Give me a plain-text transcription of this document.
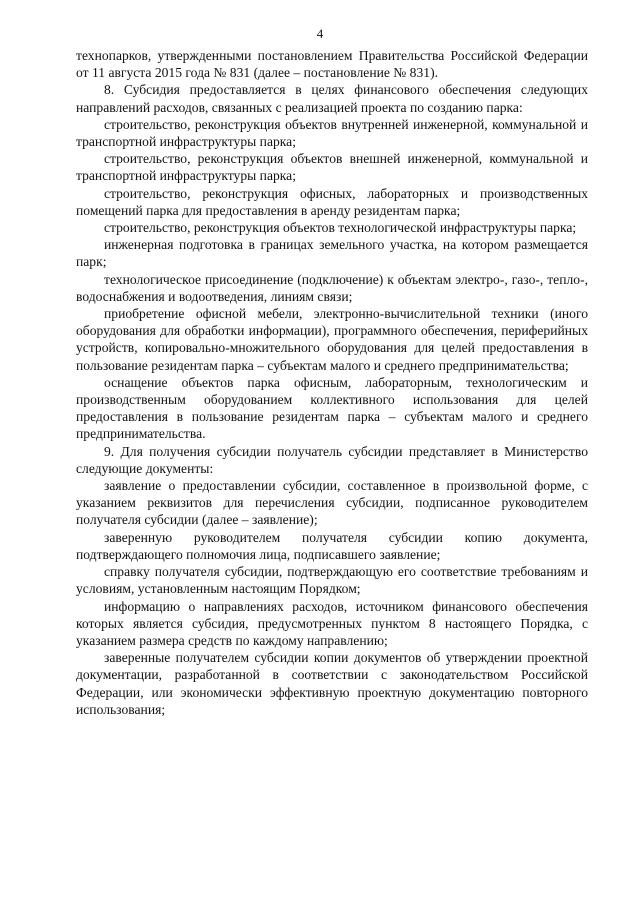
4

технопарков, утвержденными постановлением Правительства Российской Федерации от 11 августа 2015 года № 831 (далее – постановление № 831).

8. Субсидия предоставляется в целях финансового обеспечения следующих направлений расходов, связанных с реализацией проекта по созданию парка:

строительство, реконструкция объектов внутренней инженерной, коммунальной и транспортной инфраструктуры парка;

строительство, реконструкция объектов внешней инженерной, коммунальной и транспортной инфраструктуры парка;

строительство, реконструкция офисных, лабораторных и производственных помещений парка для предоставления в аренду резидентам парка;

строительство, реконструкция объектов технологической инфраструктуры парка;

инженерная подготовка в границах земельного участка, на котором размещается парк;

технологическое присоединение (подключение) к объектам электро-, газо-, тепло-, водоснабжения и водоотведения, линиям связи;

приобретение офисной мебели, электронно-вычислительной техники (иного оборудования для обработки информации), программного обеспечения, периферийных устройств, копировально-множительного оборудования для целей предоставления в пользование резидентам парка – субъектам малого и среднего предпринимательства;

оснащение объектов парка офисным, лабораторным, технологическим и производственным оборудованием коллективного использования для целей предоставления в пользование резидентам парка – субъектам малого и среднего предпринимательства.

9. Для получения субсидии получатель субсидии представляет в Министерство следующие документы:

заявление о предоставлении субсидии, составленное в произвольной форме, с указанием реквизитов для перечисления субсидии, подписанное руководителем получателя субсидии (далее – заявление);

заверенную руководителем получателя субсидии копию документа, подтверждающего полномочия лица, подписавшего заявление;

справку получателя субсидии, подтверждающую его соответствие требованиям и условиям, установленным настоящим Порядком;

информацию о направлениях расходов, источником финансового обеспечения которых является субсидия, предусмотренных пунктом 8 настоящего Порядка, с указанием размера средств по каждому направлению;

заверенные получателем субсидии копии документов об утверждении проектной документации, разработанной в соответствии с законодательством Российской Федерации, или экономически эффективную проектную документацию повторного использования;
